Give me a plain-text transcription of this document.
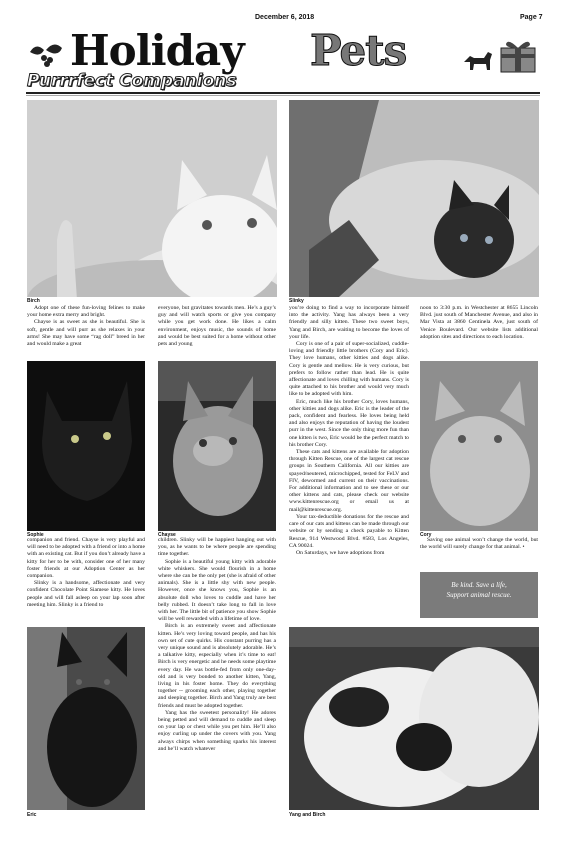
December 6, 2018	Page 7
Holiday Pets
Purrrfect Companions
Birch	Slinky
Sophie	Chayse	Cory
Eric	Yang and Birch

Adopt one of these fun-loving felines to make your home extra merry and bright.

Chayse is as sweet as she is beautiful. She is soft, gentle and will purr as she relaxes in your arms! She may have some “rag doll” breed in her and would make a great

companion and friend. Chayse is very playful and will need to be adopted with a friend or into a home with an existing cat. But if you don’t already have a kitty for her to be with, consider one of her many foster friends at our Adoption Center as her companion.

Slinky is a handsome, affectionate and very confident Chocolate Point Siamese kitty. He loves people and will fall asleep on your lap soon after meeting him. Slinky is a friend to

everyone, but gravitates towards men. He’s a guy’s guy and will watch sports or give you company while you get work done. He likes a calm environment, enjoys music, the sounds of home and would be best suited for a home without other pets and young

children. Slinky will be happiest hanging out with you, as he wants to be where people are spending time together.

Sophie is a beautiful young kitty with adorable white whiskers. She would flourish in a home where she can be the only pet (she is afraid of other animals). She is a little shy with new people. However, once she knows you, Sophie is an absolute doll who loves to cuddle and have her belly rubbed. It doesn’t take long to fall in love with her. The little bit of patience you show Sophie will be well rewarded with a lifetime of love.

Birch is an extremely sweet and affectionate kitten. He’s very loving toward people, and has his own set of cute quirks. His constant purring has a very unique sound and is absolutely adorable. He’s a talkative kitty, especially when it’s time to eat! Birch is very energetic and he needs some playtime every day. He was bottle-fed from only one-day-old and is very bonded to another kitten, Yang, living in his foster home. They do everything together -- grooming each other, playing together and sleeping together. Birch and Yang truly are best friends and must be adopted together.

Yang has the sweetest personality! He adores being petted and will demand to cuddle and sleep on your lap or chest while you pet him. He’ll also enjoy curling up under the covers with you. Yang always chirps when something sparks his interest and he’ll watch whatever

you’re doing to find a way to incorporate himself into the activity. Yang has always been a very friendly and silly kitten. These two sweet boys, Yang and Birch, are waiting to become the loves of your life.

Cory is one of a pair of super-socialized, cuddle-loving and friendly little brothers (Cory and Eric). They love humans, other kitties and dogs alike. Cory is gentle and mellow. He is very curious, but prefers to follow rather than lead. He is quite affectionate and loves chilling with humans. Cory is quite attached to his brother and would very much like to be adopted with him.

Eric, much like his brother Cory, loves humans, other kitties and dogs alike. Eric is the leader of the pack, confident and fearless. He loves being held and also enjoys the reputation of having the loudest purr in the west. Since the only thing more fun than one kitten is two, Eric would be the perfect match to his brother Cory.

These cats and kittens are available for adoption through Kitten Rescue, one of the largest cat rescue groups in Southern California. All our kitties are spayed/neutered, microchipped, tested for FeLV and FIV, dewormed and current on their vaccinations. For additional information and to see these or our other kittens and cats, please check our website www.kittenrescue.org or email us at mail@kittenrescue.org.

Your tax-deductible donations for the rescue and care of our cats and kittens can be made through our website or by sending a check payable to Kitten Rescue, 914 Westwood Blvd. #583, Los Angeles, CA 90024.

On Saturdays, we have adoptions from

noon to 3:30 p.m. in Westchester at 8655 Lincoln Blvd. just south of Manchester Avenue, and also in Mar Vista at 3860 Centinela Ave, just south of Venice Boulevard. Our website lists additional adoption sites and directions to each location.

Saving one animal won’t change the world, but the world will surely change for that animal. •

Be kind. Save a life,
Support animal rescue.
